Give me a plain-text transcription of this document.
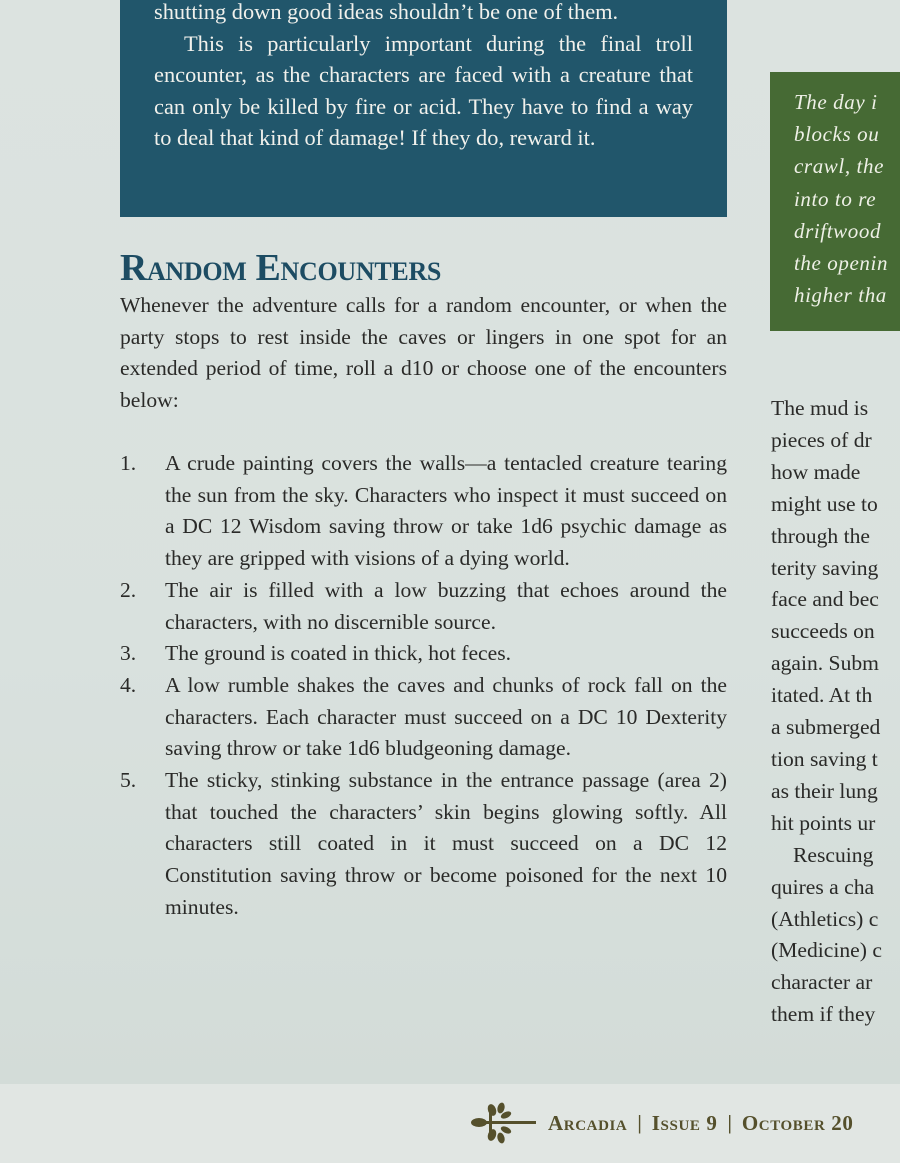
shutting down good ideas shouldn’t be one of them.

This is particularly important during the final troll encounter, as the characters are faced with a creature that can only be killed by fire or acid. They have to find a way to deal that kind of damage! If they do, reward it.

The day i
blocks ou
crawl, the
into to re
driftwood
the openin
higher tha
Random Encounters

Whenever the adventure calls for a random encounter, or when the party stops to rest inside the caves or lingers in one spot for an extended period of time, roll a d10 or choose one of the encounters below:

1. A crude painting covers the walls—a tentacled creature tearing the sun from the sky. Characters who inspect it must succeed on a DC 12 Wisdom saving throw or take 1d6 psychic damage as they are gripped with visions of a dying world.
2. The air is filled with a low buzzing that echoes around the characters, with no discernible source.
3. The ground is coated in thick, hot feces.
4. A low rumble shakes the caves and chunks of rock fall on the characters. Each character must succeed on a DC 10 Dexterity saving throw or take 1d6 bludgeoning damage.
5. The sticky, stinking substance in the entrance passage (area 2) that touched the characters’ skin begins glowing softly. All characters still coated in it must succeed on a DC 12 Constitution saving throw or become poisoned for the next 10 minutes.
The mud is
pieces of dr
how made
might use to
through the
terity saving
face and bec
succeeds on
again. Subm
itated. At th
a submerged
tion saving t
as their lung
hit points ur
Rescuing
quires a cha
(Athletics) c
(Medicine) c
character ar
them if they
Arcadia | Issue 9 | October 20
